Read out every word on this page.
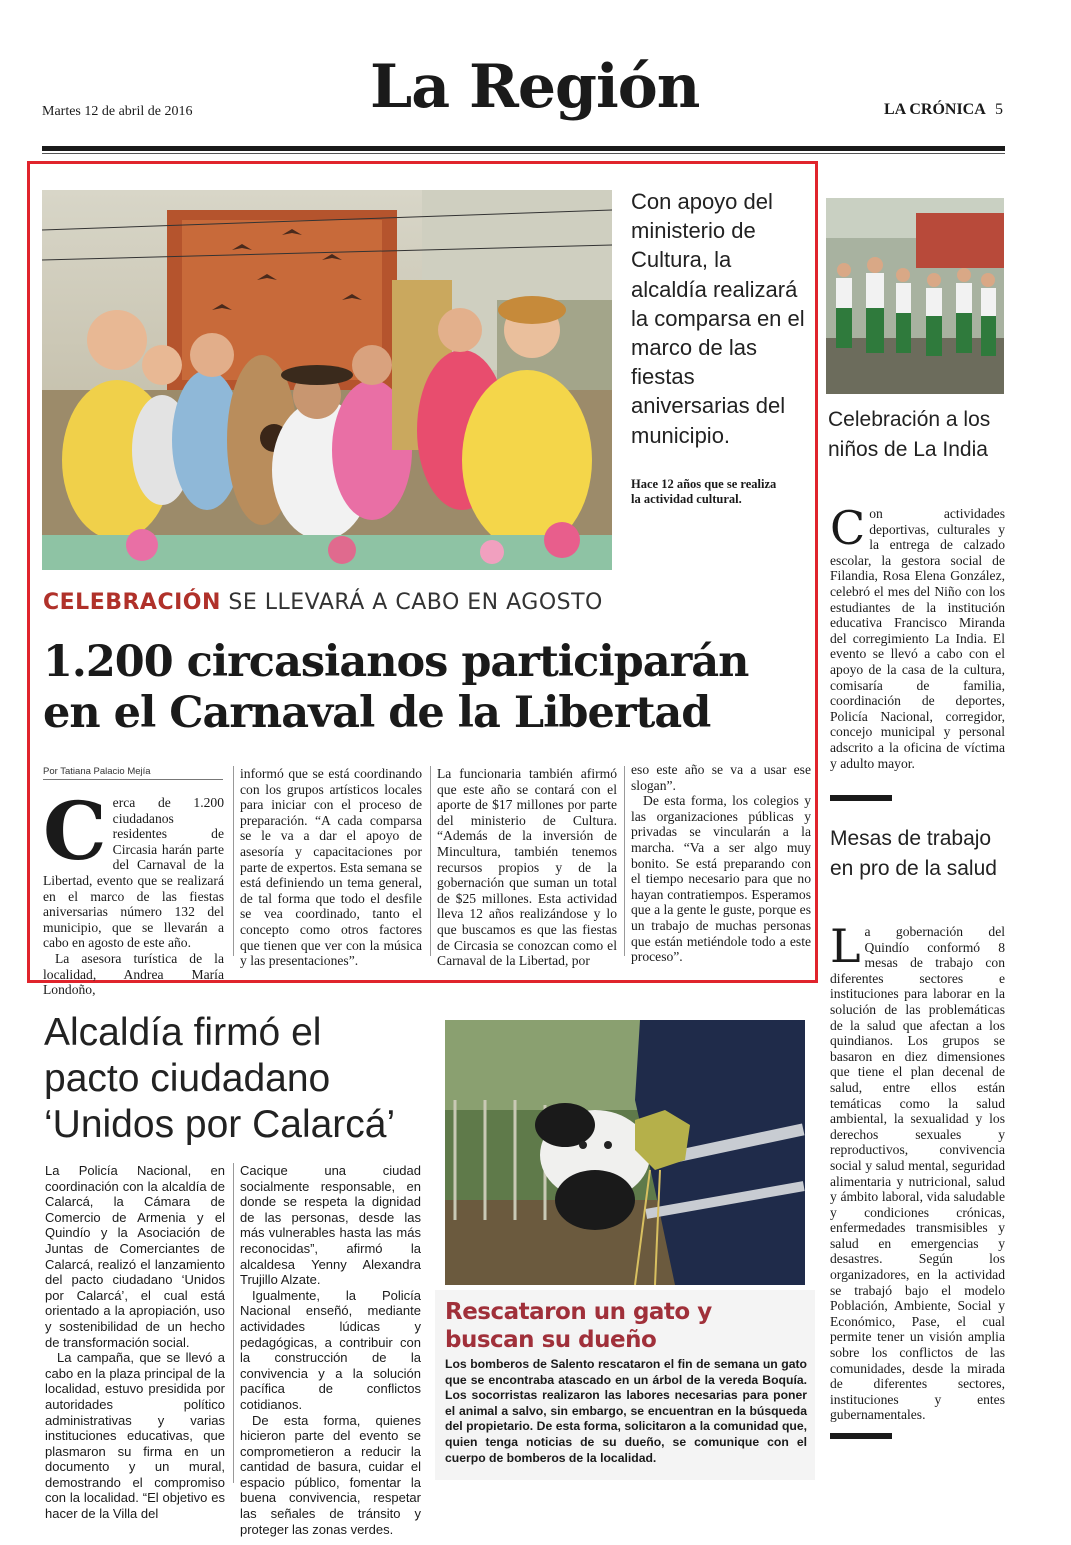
Martes 12 de abril de 2016	La Región	LA CRÓNICA 5
Con apoyo del ministerio de Cultura, la alcaldía realizará la comparsa en el marco de las fiestas aniversarias del municipio.
Hace 12 años que se realiza la actividad cultural.
CELEBRACIÓN SE LLEVARÁ A CABO EN AGOSTO
1.200 circasianos participarán en el Carnaval de la Libertad
Por Tatiana Palacio Mejía

Cerca de 1.200 ciudadanos residentes de Circasia harán parte del Carnaval de la Libertad, evento que se realizará en el marco de las fiestas aniversarias número 132 del municipio, que se llevarán a cabo en agosto de este año.

La asesora turística de la localidad, Andrea María Londoño,

informó que se está coordinando con los grupos artísticos locales para iniciar con el proceso de preparación. “A cada comparsa se le va a dar el apoyo de asesoría y capacitaciones por parte de expertos. Esta semana se está definiendo un tema general, de tal forma que todo el desfile se vea coordinado, tanto el concepto como otros factores que tienen que ver con la música y las presentaciones”.

La funcionaria también afirmó que este año se contará con el aporte de $17 millones por parte del ministerio de Cultura. “Además de la inversión de Mincultura, también tenemos recursos propios y de la gobernación que suman un total de $25 millones. Esta actividad lleva 12 años realizándose y lo que buscamos es que las fiestas de Circasia se conozcan como el Carnaval de la Libertad, por

eso este año se va a usar ese slogan”.

De esta forma, los colegios y las organizaciones públicas y privadas se vincularán a la marcha. “Va a ser algo muy bonito. Se está preparando con el tiempo necesario para que no hayan contratiempos. Esperamos que a la gente le guste, porque es un trabajo de muchas personas que están metiéndole todo a este proceso”.

Celebración a los niños de La India

Con actividades deportivas, culturales y la entrega de calzado escolar, la gestora social de Filandia, Rosa Elena González, celebró el mes del Niño con los estudiantes de la institución educativa Francisco Miranda del corregimiento La India. El evento se llevó a cabo con el apoyo de la casa de la cultura, comisaría de familia, coordinación de deportes, Policía Nacional, corregidor, concejo municipal y personal adscrito a la oficina de víctima y adulto mayor.

Mesas de trabajo en pro de la salud

La gobernación del Quindío conformó 8 mesas de trabajo con diferentes sectores e instituciones para laborar en la solución de las problemáticas de la salud que afectan a los quindianos. Los grupos se basaron en diez dimensiones que tiene el plan decenal de salud, entre ellos están temáticas como la salud ambiental, la sexualidad y los derechos sexuales y reproductivos, convivencia social y salud mental, seguridad alimentaria y nutricional, salud y ámbito laboral, vida saludable y condiciones crónicas, enfermedades transmisibles y salud en emergencias y desastres. Según los organizadores, en la actividad se trabajó bajo el modelo Población, Ambiente, Social y Económico, Pase, el cual permite tener un visión amplia sobre los conflictos de las comunidades, desde la mirada de diferentes sectores, instituciones y entes gubernamentales.

Alcaldía firmó el pacto ciudadano ‘Unidos por Calarcá’

La Policía Nacional, en coordinación con la alcaldía de Calarcá, la Cámara de Comercio de Armenia y el Quindío y la Asociación de Juntas de Comerciantes de Calarcá, realizó el lanzamiento del pacto ciudadano ‘Unidos por Calarcá’, el cual está orientado a la apropiación, uso y sostenibilidad de un hecho de transformación social.

La campaña, que se llevó a cabo en la plaza principal de la localidad, estuvo presidida por autoridades político administrativas y varias instituciones educativas, que plasmaron su firma en un documento y un mural, demostrando el compromiso con la localidad. “El objetivo es hacer de la Villa del

Cacique una ciudad socialmente responsable, en donde se respeta la dignidad de las personas, desde las más vulnerables hasta las más reconocidas”, afirmó la alcaldesa Yenny Alexandra Trujillo Alzate.

Igualmente, la Policía Nacional enseñó, mediante actividades lúdicas y pedagógicas, a contribuir con la construcción de la convivencia y a la solución pacífica de conflictos cotidianos.

De esta forma, quienes hicieron parte del evento se comprometieron a reducir la cantidad de basura, cuidar el espacio público, fomentar la buena convivencia, respetar las señales de tránsito y proteger las zonas verdes.

Rescataron un gato y buscan su dueño
Los bomberos de Salento rescataron el fin de semana un gato que se encontraba atascado en un árbol de la vereda Boquía. Los socorristas realizaron las labores necesarias para poner el animal a salvo, sin embargo, se encuentran en la búsqueda del propietario. De esta forma, solicitaron a la comunidad que, quien tenga noticias de su dueño, se comunique con el cuerpo de bomberos de la localidad.
